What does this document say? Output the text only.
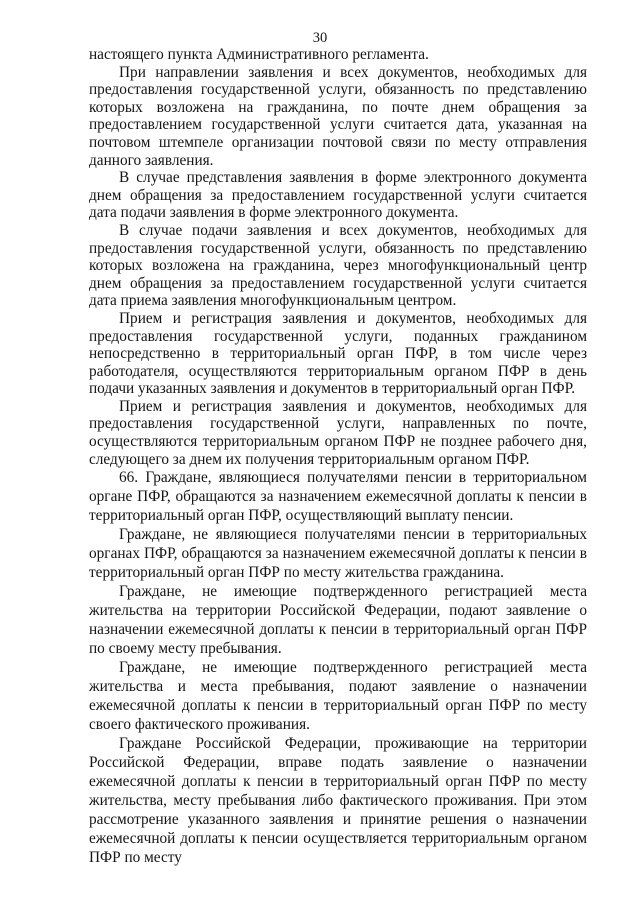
30

настоящего пункта Административного регламента.

При направлении заявления и всех документов, необходимых для предоставления государственной услуги, обязанность по представлению которых возложена на гражданина, по почте днем обращения за предоставлением государственной услуги считается дата, указанная на почтовом штемпеле организации почтовой связи по месту отправления данного заявления.

В случае представления заявления в форме электронного документа днем обращения за предоставлением государственной услуги считается дата подачи заявления в форме электронного документа.

В случае подачи заявления и всех документов, необходимых для предоставления государственной услуги, обязанность по представлению которых возложена на гражданина, через многофункциональный центр днем обращения за предоставлением государственной услуги считается дата приема заявления многофункциональным центром.

Прием и регистрация заявления и документов, необходимых для предоставления государственной услуги, поданных гражданином непосредственно в территориальный орган ПФР, в том числе через работодателя, осуществляются территориальным органом ПФР в день подачи указанных заявления и документов в территориальный орган ПФР.

Прием и регистрация заявления и документов, необходимых для предоставления государственной услуги, направленных по почте, осуществляются территориальным органом ПФР не позднее рабочего дня, следующего за днем их получения территориальным органом ПФР.

66. Граждане, являющиеся получателями пенсии в территориальном органе ПФР, обращаются за назначением ежемесячной доплаты к пенсии в территориальный орган ПФР, осуществляющий выплату пенсии.

Граждане, не являющиеся получателями пенсии в территориальных органах ПФР, обращаются за назначением ежемесячной доплаты к пенсии в территориальный орган ПФР по месту жительства гражданина.

Граждане, не имеющие подтвержденного регистрацией места жительства на территории Российской Федерации, подают заявление о назначении ежемесячной доплаты к пенсии в территориальный орган ПФР по своему месту пребывания.

Граждане, не имеющие подтвержденного регистрацией места жительства и места пребывания, подают заявление о назначении ежемесячной доплаты к пенсии в территориальный орган ПФР по месту своего фактического проживания.

Граждане Российской Федерации, проживающие на территории Российской Федерации, вправе подать заявление о назначении ежемесячной доплаты к пенсии в территориальный орган ПФР по месту жительства, месту пребывания либо фактического проживания. При этом рассмотрение указанного заявления и принятие решения о назначении ежемесячной доплаты к пенсии осуществляется территориальным органом ПФР по месту
